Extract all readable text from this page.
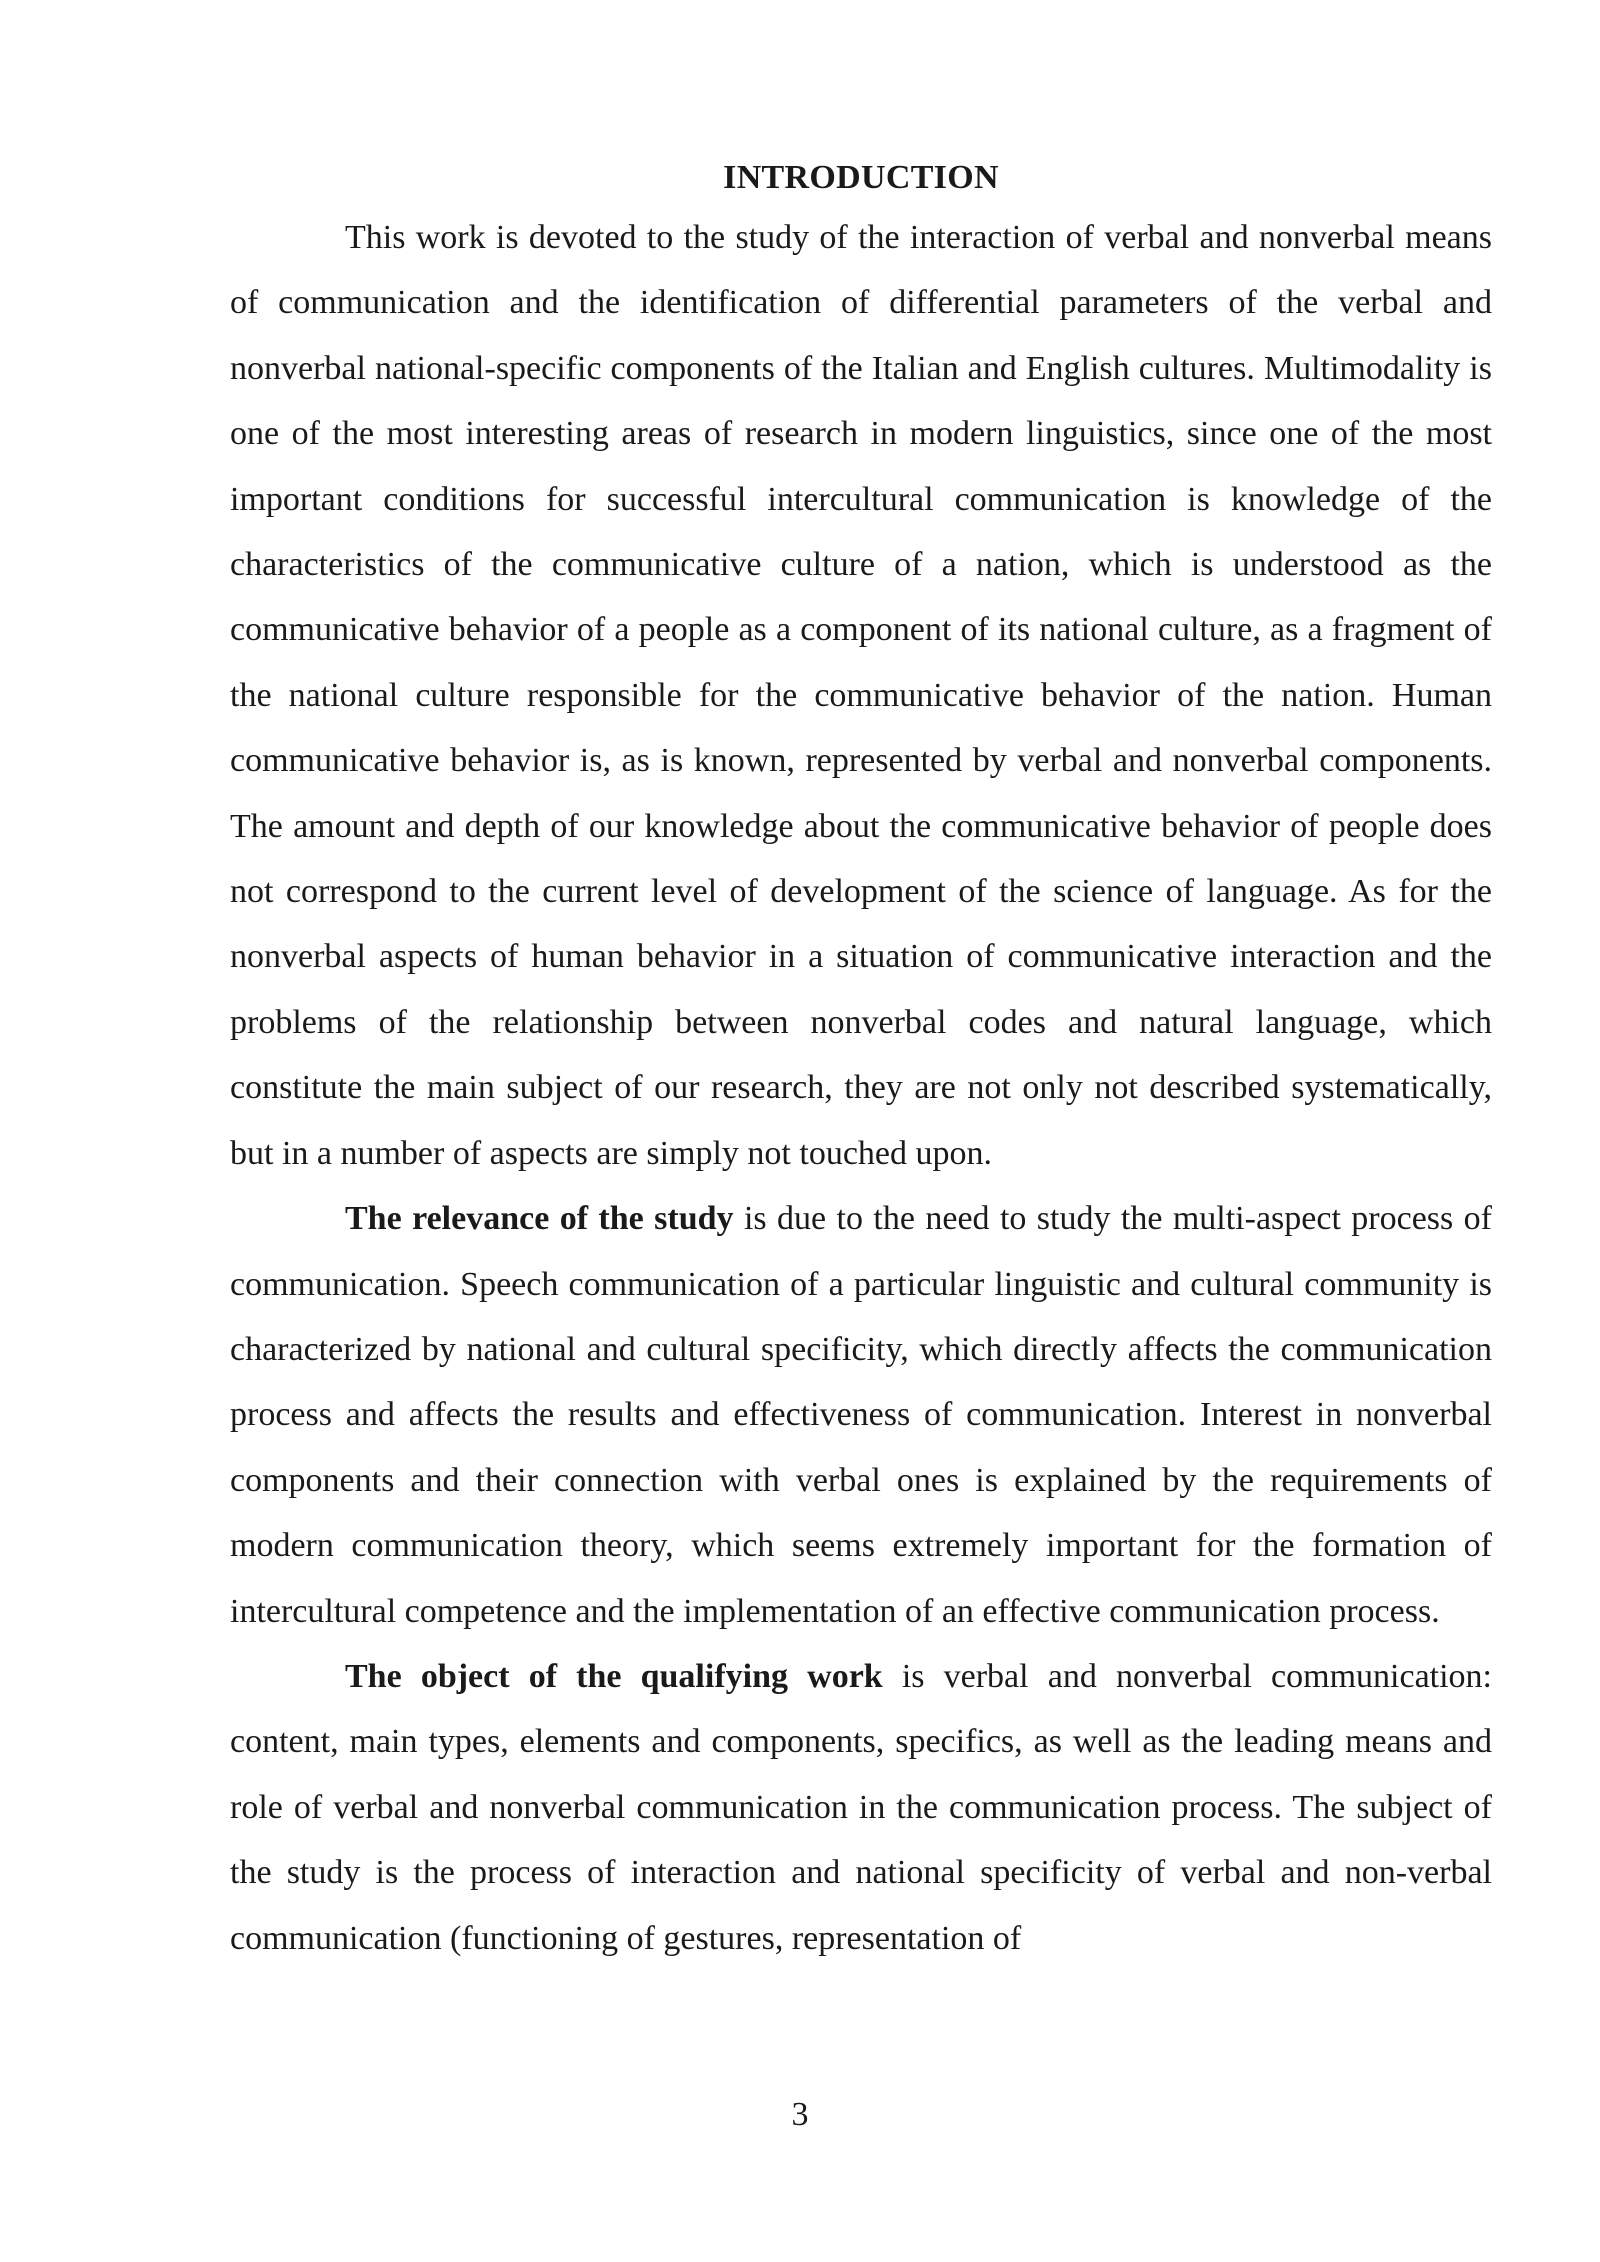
INTRODUCTION

This work is devoted to the study of the interaction of verbal and nonverbal means of communication and the identification of differential parameters of the verbal and nonverbal national-specific components of the Italian and English cultures. Multimodality is one of the most interesting areas of research in modern linguistics, since one of the most important conditions for successful intercultural communication is knowledge of the characteristics of the communicative culture of a nation, which is understood as the communicative behavior of a people as a component of its national culture, as a fragment of the national culture responsible for the communicative behavior of the nation. Human communicative behavior is, as is known, represented by verbal and nonverbal components. The amount and depth of our knowledge about the communicative behavior of people does not correspond to the current level of development of the science of language. As for the nonverbal aspects of human behavior in a situation of communicative interaction and the problems of the relationship between nonverbal codes and natural language, which constitute the main subject of our research, they are not only not described systematically, but in a number of aspects are simply not touched upon.

The relevance of the study is due to the need to study the multi-aspect process of communication. Speech communication of a particular linguistic and cultural community is characterized by national and cultural specificity, which directly affects the communication process and affects the results and effectiveness of communication. Interest in nonverbal components and their connection with verbal ones is explained by the requirements of modern communication theory, which seems extremely important for the formation of intercultural competence and the implementation of an effective communication process.

The object of the qualifying work is verbal and nonverbal communication: content, main types, elements and components, specifics, as well as the leading means and role of verbal and nonverbal communication in the communication process. The subject of the study is the process of interaction and national specificity of verbal and non-verbal communication (functioning of gestures, representation of

3
